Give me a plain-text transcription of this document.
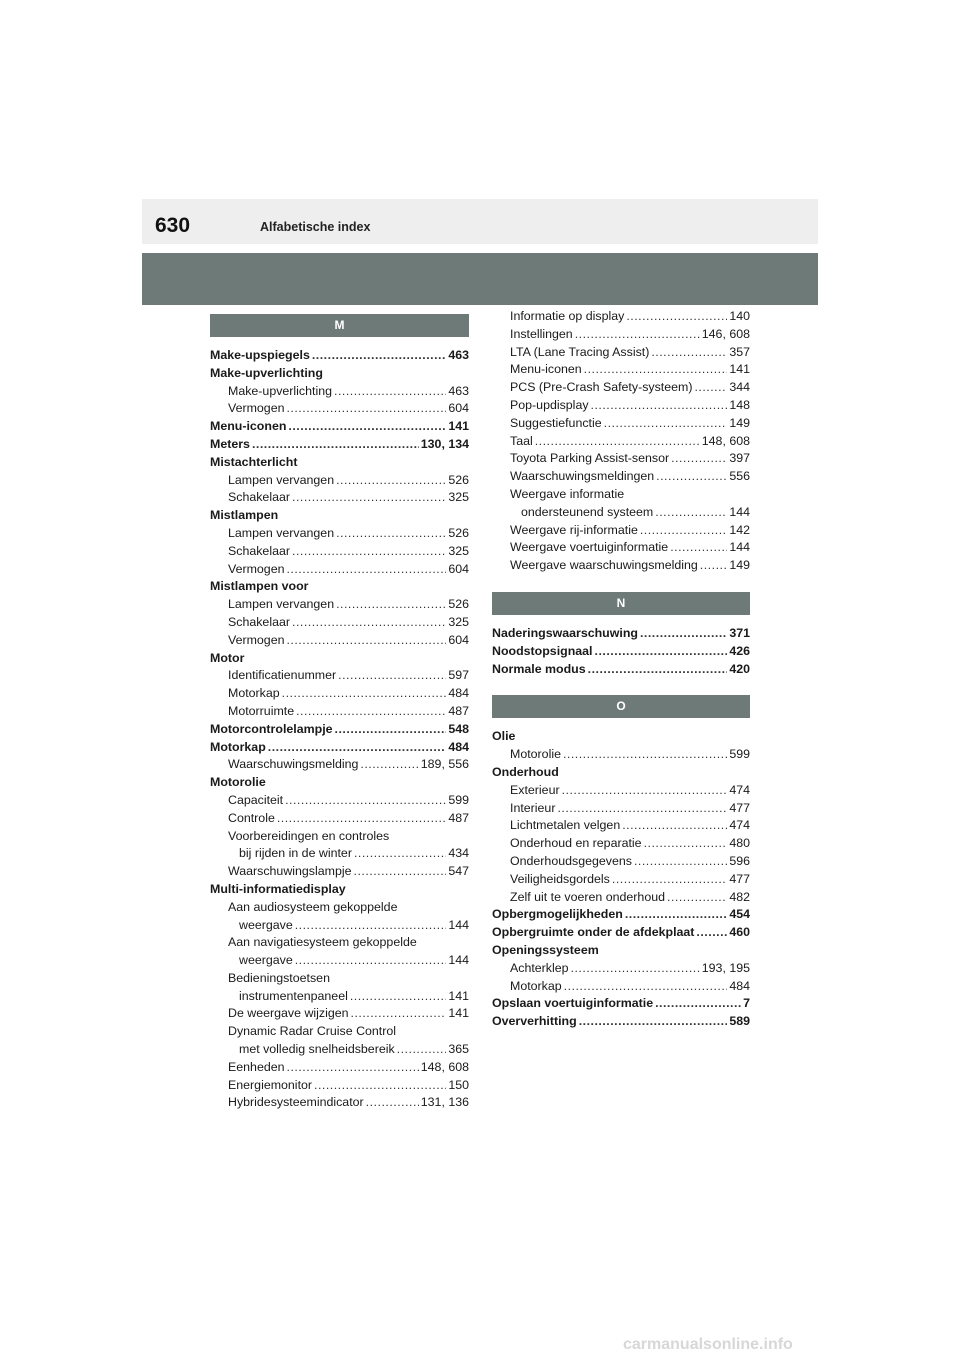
630	Alfabetische index
M
Make-upspiegels .....	463
Make-upverlichting
Make-upverlichting .....	463
Vermogen .....	604
Menu-iconen .....	141
Meters .....	130, 134
Mistachterlicht
Lampen vervangen .....	526
Schakelaar .....	325
Mistlampen
Lampen vervangen .....	526
Schakelaar .....	325
Vermogen .....	604
Mistlampen voor
Lampen vervangen .....	526
Schakelaar .....	325
Vermogen .....	604
Motor
Identificatienummer .....	597
Motorkap .....	484
Motorruimte .....	487
Motorcontrolelampje .....	548
Motorkap .....	484
Waarschuwingsmelding .....	189, 556
Motorolie
Capaciteit .....	599
Controle .....	487
Voorbereidingen en controles
bij rijden in de winter .....	434
Waarschuwingslampje .....	547
Multi-informatiedisplay
Aan audiosysteem gekoppelde
weergave .....	144
Aan navigatiesysteem gekoppelde
weergave .....	144
Bedieningstoetsen
instrumentenpaneel .....	141
De weergave wijzigen .....	141
Dynamic Radar Cruise Control
met volledig snelheidsbereik .....	365
Eenheden .....	148, 608
Energiemonitor .....	150
Hybridesysteemindicator .....	131, 136
Informatie op display .....	140
Instellingen .....	146, 608
LTA (Lane Tracing Assist) .....	357
Menu-iconen .....	141
PCS (Pre-Crash Safety-systeem) .....	344
Pop-updisplay .....	148
Suggestiefunctie .....	149
Taal .....	148, 608
Toyota Parking Assist-sensor .....	397
Waarschuwingsmeldingen .....	556
Weergave informatie
ondersteunend systeem .....	144
Weergave rij-informatie .....	142
Weergave voertuiginformatie .....	144
Weergave waarschuwingsmelding .....	149
N
Naderingswaarschuwing .....	371
Noodstopsignaal .....	426
Normale modus .....	420
O
Olie
Motorolie .....	599
Onderhoud
Exterieur .....	474
Interieur .....	477
Lichtmetalen velgen .....	474
Onderhoud en reparatie .....	480
Onderhoudsgegevens .....	596
Veiligheidsgordels .....	477
Zelf uit te voeren onderhoud .....	482
Opbergmogelijkheden .....	454
Opbergruimte onder de afdekplaat .....	460
Openingssysteem
Achterklep .....	193, 195
Motorkap .....	484
Opslaan voertuiginformatie .....	7
Oververhitting .....	589
carmanualsonline.info
